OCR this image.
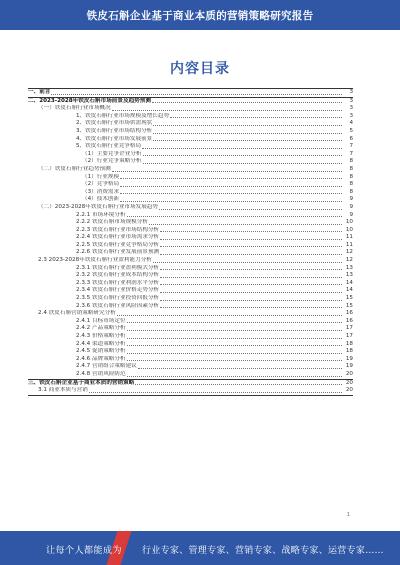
铁皮石斛企业基于商业本质的营销策略研究报告
内容目录
一、前言	3
二、2023-2028年铁皮石斛市场前景及趋势预测	3
（一）铁皮石斛行业市场概况	3
1、铁皮石斛行业市场规模及增长趋势	3
2、铁皮石斛行业市场供需现状	4
3、铁皮石斛行业市场结构分析	5
4、铁皮石斛行业市场发展前景	6
5、铁皮石斛行业竞争格局	7
（1）主要竞争企业分析	7
（2）行业竞争策略分析	8
（二）铁皮石斛行业趋势预测	8
（1）行业规模	8
（2）竞争格局	8
（3）消费需求	8
（4）技术创新	9
（二）2023-2028年铁皮石斛行业市场发展趋势	9
2.2.1 市场环境分析	9
2.2.2 铁皮石斛市场规模分析	10
2.2.3 铁皮石斛行业市场结构分析	10
2.2.4 铁皮石斛行业市场需求分析	11
2.2.5 铁皮石斛行业竞争格局分析	11
2.2.6 铁皮石斛行业发展前景预测	12
2.3 2023-2028年铁皮石斛行业盈利能力分析	12
2.3.1 铁皮石斛行业盈利模式分析	13
2.3.2 铁皮石斛行业成本结构分析	13
2.3.3 铁皮石斛行业利润水平分析	14
2.3.4 铁皮石斛行业价格走势分析	14
2.3.5 铁皮石斛行业投资回报分析	15
2.3.6 铁皮石斛行业风险因素分析	15
2.4 铁皮石斛营销策略研究分析	16
2.4.1 目标市场定位	16
2.4.2 产品策略分析	17
2.4.3 价格策略分析	17
2.4.4 渠道策略分析	18
2.4.5 促销策略分析	18
2.4.6 品牌策略分析	19
2.4.7 营销组合策略建议	19
2.4.8 营销风险防范	20
三、铁皮石斛企业基于商业本质的营销策略	20
3.1 商业本质与营销	20
1
让每个人都能成为 行业专家、管理专家、营销专家、战略专家、运营专家……
